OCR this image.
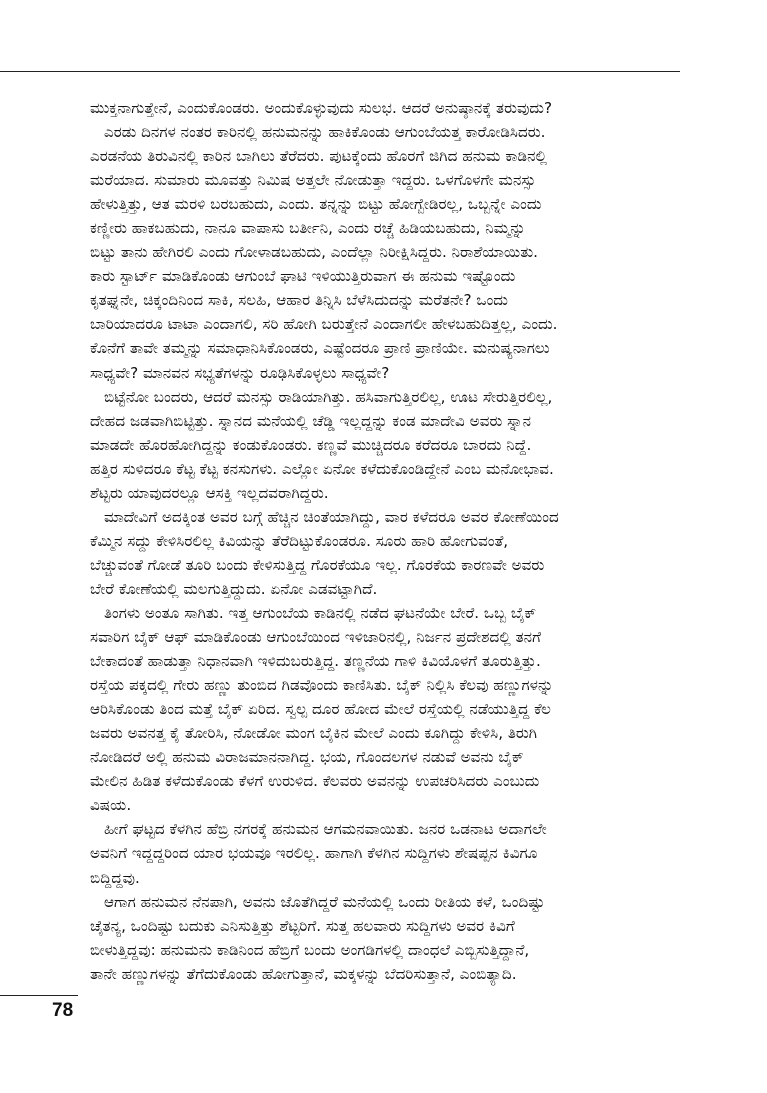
ಮುಕ್ತನಾಗುತ್ತೇನೆ, ಎಂದುಕೊಂಡರು. ಅಂದುಕೊಳ್ಳುವುದು ಸುಲಭ. ಆದರೆ ಅನುಷ್ಠಾನಕ್ಕೆ ತರುವುದು?
ಎರಡು ದಿನಗಳ ನಂತರ ಕಾರಿನಲ್ಲಿ ಹನುಮನನ್ನು ಹಾಕಿಕೊಂಡು ಆಗುಂಬೆಯತ್ತ ಕಾರೋಡಿಸಿದರು.
ಎರಡನೆಯ ತಿರುವಿನಲ್ಲಿ ಕಾರಿನ ಬಾಗಿಲು ತೆರೆದರು. ಪುಟಕ್ಕೆಂದು ಹೊರಗೆ ಜಿಗಿದ ಹನುಮ ಕಾಡಿನಲ್ಲಿ
ಮರೆಯಾದ. ಸುಮಾರು ಮೂವತ್ತು ನಿಮಿಷ ಅತ್ತಲೇ ನೋಡುತ್ತಾ ಇದ್ದರು. ಒಳಗೊಳಗೇ ಮನಸ್ಸು
ಹೇಳುತ್ತಿತ್ತು, ಆತ ಮರಳಿ ಬರಬಹುದು, ಎಂದು. ತನ್ನನ್ನು ಬಿಟ್ಟು ಹೋಗ್ಬೇಡಿರಲ್ಲ, ಒಬ್ಬನ್ನೇ ಎಂದು
ಕಣ್ಣೀರು ಹಾಕಬಹುದು, ನಾನೂ ವಾಪಾಸು ಬರ್ತೀನಿ, ಎಂದು ರಚ್ಚೆ ಹಿಡಿಯಬಹುದು, ನಿಮ್ಮನ್ನು
ಬಿಟ್ಟು ತಾನು ಹೇಗಿರಲಿ ಎಂದು ಗೋಳಾಡಬಹುದು, ಎಂದೆಲ್ಲಾ ನಿರೀಕ್ಷಿಸಿದ್ದರು. ನಿರಾಶೆಯಾಯಿತು.
ಕಾರು ಸ್ಟಾರ್ಟ್ ಮಾಡಿಕೊಂಡು ಆಗುಂಬೆ ಘಾಟಿ ಇಳಿಯುತ್ತಿರುವಾಗ ಈ ಹನುಮ ಇಷ್ಟೊಂದು
ಕೃತಘ್ನನೇ, ಚಿಕ್ಕಂದಿನಿಂದ ಸಾಕಿ, ಸಲಹಿ, ಆಹಾರ ತಿನ್ನಿಸಿ ಬೆಳೆಸಿದುದನ್ನು ಮರೆತನೇ? ಒಂದು
ಬಾರಿಯಾದರೂ ಟಾಟಾ ಎಂದಾಗಲಿ, ಸರಿ ಹೋಗಿ ಬರುತ್ತೇನೆ ಎಂದಾಗಲೀ ಹೇಳಬಹುದಿತ್ತಲ್ಲ, ಎಂದು.
ಕೊನೆಗೆ ತಾವೇ ತಮ್ಮನ್ನು ಸಮಾಧಾನಿಸಿಕೊಂಡರು, ಎಷ್ಟೆಂದರೂ ಪ್ರಾಣಿ ಪ್ರಾಣಿಯೇ. ಮನುಷ್ಯನಾಗಲು
ಸಾಧ್ಯವೇ? ಮಾನವನ ಸಭ್ಯತೆಗಳನ್ನು ರೂಢಿಸಿಕೊಳ್ಳಲು ಸಾಧ್ಯವೇ?
ಬಿಟ್ಟೆನೋ ಬಂದರು, ಆದರೆ ಮನಸ್ಸು ರಾಡಿಯಾಗಿತ್ತು. ಹಸಿವಾಗುತ್ತಿರಲಿಲ್ಲ, ಊಟ ಸೇರುತ್ತಿರಲಿಲ್ಲ,
ದೇಹದ ಜಡವಾಗಿಬಿಟ್ಟಿತ್ತು. ಸ್ನಾನದ ಮನೆಯಲ್ಲಿ ಚೆಡ್ಡಿ ಇಲ್ಲದ್ದನ್ನು ಕಂಡ ಮಾದೇವಿ ಅವರು ಸ್ನಾನ
ಮಾಡದೇ ಹೊರಹೋಗಿದ್ದನ್ನು ಕಂಡುಕೊಂಡರು. ಕಣ್ಣವೆ ಮುಚ್ಚಿದರೂ ಕರೆದರೂ ಬಾರದು ನಿದ್ದೆ.
ಹತ್ತಿರ ಸುಳಿದರೂ ಕೆಟ್ಟ ಕೆಟ್ಟ ಕನಸುಗಳು. ಎಲ್ಲೋ ಏನೋ ಕಳೆದುಕೊಂಡಿದ್ದೇನೆ ಎಂಬ ಮನೋಭಾವ.
ಶೆಟ್ಟರು ಯಾವುದರಲ್ಲೂ ಆಸಕ್ತಿ ಇಲ್ಲದವರಾಗಿದ್ದರು.
ಮಾದೇವಿಗೆ ಅದಕ್ಕಿಂತ ಅವರ ಬಗ್ಗೆ ಹೆಚ್ಚಿನ ಚಿಂತೆಯಾಗಿದ್ದು, ವಾರ ಕಳೆದರೂ ಅವರ ಕೋಣೆಯಿಂದ
ಕೆಮ್ಮಿನ ಸದ್ದು ಕೇಳಿಸಿರಲಿಲ್ಲ ಕಿವಿಯನ್ನು ತೆರೆದಿಟ್ಟುಕೊಂಡರೂ. ಸೂರು ಹಾರಿ ಹೋಗುವಂತೆ,
ಬೆಚ್ಚುವಂತೆ ಗೋಡೆ ತೂರಿ ಬಂದು ಕೇಳಿಸುತ್ತಿದ್ದ ಗೊರಕೆಯೂ ಇಲ್ಲ. ಗೊರಕೆಯ ಕಾರಣವೇ ಅವರು
ಬೇರೆ ಕೋಣೆಯಲ್ಲಿ ಮಲಗುತ್ತಿದ್ದುದು. ಏನೋ ಎಡವಟ್ಟಾಗಿದೆ.
ತಿಂಗಳು ಅಂತೂ ಸಾಗಿತು. ಇತ್ತ ಆಗುಂಬೆಯ ಕಾಡಿನಲ್ಲಿ ನಡೆದ ಘಟನೆಯೇ ಬೇರೆ. ಒಬ್ಬ ಬೈಕ್
ಸವಾರಿಗ ಬೈಕ್ ಆಫ್ ಮಾಡಿಕೊಂಡು ಆಗುಂಬೆಯಿಂದ ಇಳಿಜಾರಿನಲ್ಲಿ, ನಿರ್ಜನ ಪ್ರದೇಶದಲ್ಲಿ ತನಗೆ
ಬೇಕಾದಂತೆ ಹಾಡುತ್ತಾ ನಿಧಾನವಾಗಿ ಇಳಿದುಬರುತ್ತಿದ್ದ. ತಣ್ಣನೆಯ ಗಾಳಿ ಕಿವಿಯೊಳಗೆ ತೂರುತ್ತಿತ್ತು.
ರಸ್ತೆಯ ಪಕ್ಕದಲ್ಲಿ ಗೇರು ಹಣ್ಣು ತುಂಬಿದ ಗಿಡವೊಂದು ಕಾಣಿಸಿತು. ಬೈಕ್ ನಿಲ್ಲಿಸಿ ಕೆಲವು ಹಣ್ಣುಗಳನ್ನು
ಆರಿಸಿಕೊಂಡು ತಿಂದ ಮತ್ತೆ ಬೈಕ್ ಏರಿದ. ಸ್ವಲ್ಪ ದೂರ ಹೋದ ಮೇಲೆ ರಸ್ತೆಯಲ್ಲಿ ನಡೆಯುತ್ತಿದ್ದ ಕೆಲ
ಜವರು ಅವನತ್ತ ಕೈ ತೋರಿಸಿ, ನೋಡೋ ಮಂಗ ಬೈಕಿನ ಮೇಲೆ ಎಂದು ಕೂಗಿದ್ದು ಕೇಳಿಸಿ, ತಿರುಗಿ
ನೋಡಿದರೆ ಅಲ್ಲಿ ಹನುಮ ವಿರಾಜಮಾನನಾಗಿದ್ದ. ಭಯ, ಗೊಂದಲಗಳ ನಡುವೆ ಅವನು ಬೈಕ್
ಮೇಲಿನ ಹಿಡಿತ ಕಳೆದುಕೊಂಡು ಕೆಳಗೆ ಉರುಳಿದ. ಕೆಲವರು ಅವನನ್ನು ಉಪಚರಿಸಿದರು ಎಂಬುದು
ವಿಷಯ.
ಹೀಗೆ ಘಟ್ಟದ ಕೆಳಗಿನ ಹೆಬ್ರಿ ನಗರಕ್ಕೆ ಹನುಮನ ಆಗಮನವಾಯಿತು. ಜನರ ಒಡನಾಟ ಅದಾಗಲೇ
ಅವನಿಗೆ ಇದ್ದದ್ದರಿಂದ ಯಾರ ಭಯವೂ ಇರಲಿಲ್ಲ. ಹಾಗಾಗಿ ಕೆಳಗಿನ ಸುದ್ದಿಗಳು ಶೇಷಪ್ಪನ ಕಿವಿಗೂ
ಬಿದ್ದಿದ್ದವು.
ಆಗಾಗ ಹನುಮನ ನೆನಪಾಗಿ, ಅವನು ಜೊತೆಗಿದ್ದರೆ ಮನೆಯಲ್ಲಿ ಒಂದು ರೀತಿಯ ಕಳೆ, ಒಂದಿಷ್ಟು
ಚೈತನ್ಯ, ಒಂದಿಷ್ಟು ಬದುಕು ಎನಿಸುತ್ತಿತ್ತು ಶೆಟ್ಟರಿಗೆ. ಸುತ್ತ ಹಲವಾರು ಸುದ್ದಿಗಳು ಅವರ ಕಿವಿಗೆ
ಬೀಳುತ್ತಿದ್ದವು: ಹನುಮನು ಕಾಡಿನಿಂದ ಹೆಬ್ರಿಗೆ ಬಂದು ಅಂಗಡಿಗಳಲ್ಲಿ ದಾಂಧಲೆ ಎಬ್ಬಿಸುತ್ತಿದ್ದಾನೆ,
ತಾನೇ ಹಣ್ಣುಗಳನ್ನು ತೆಗೆದುಕೊಂಡು ಹೋಗುತ್ತಾನೆ, ಮಕ್ಕಳನ್ನು ಬೆದರಿಸುತ್ತಾನೆ, ಎಂಬಿತ್ಯಾದಿ.
78
